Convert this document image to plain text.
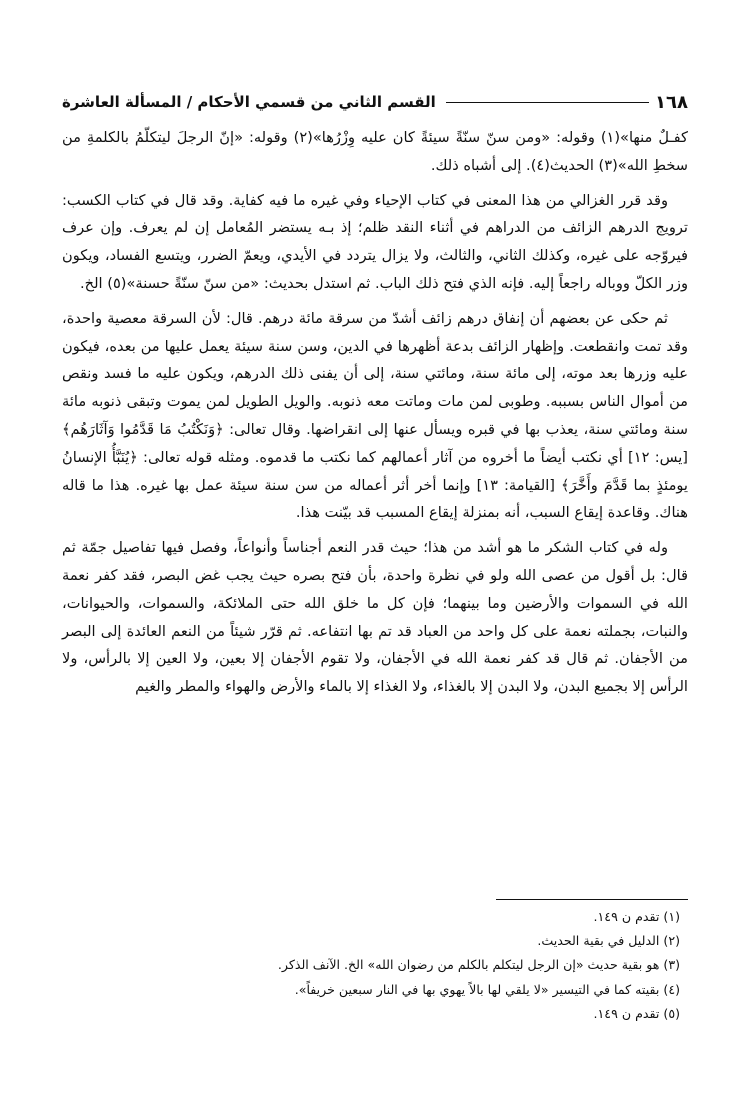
١٦٨
القسم الثاني من قسمي الأحكام / المسألة العاشرة

كفـلٌ منها»(١) وقوله: «ومن سنّ سنّةً سيئةً كان عليه وِزْرُها»(٢) وقوله: «إنّ الرجلَ ليتكلّمُ بالكلمةِ من سخطِ الله»(٣) الحديث(٤). إلى أشباه ذلك.

وقد قرر الغزالي من هذا المعنى في كتاب الإحياء وفي غيره ما فيه كفاية. وقد قال في كتاب الكسب: ترويج الدرهم الزائف من الدراهم في أثناء النقد ظلم؛ إذ بـه يستضر المُعامل إن لم يعرف. وإن عرف فيروّجه على غيره، وكذلك الثاني، والثالث، ولا يزال يتردد في الأيدي، ويعمّ الضرر، ويتسع الفساد، ويكون وزر الكلّ ووباله راجعاً إليه. فإنه الذي فتح ذلك الباب. ثم استدل بحديث: «من سنّ سنّةً حسنة»(٥) الخ.

ثم حكى عن بعضهم أن إنفاق درهم زائف أشدّ من سرقة مائة درهم. قال: لأن السرقة معصية واحدة، وقد تمت وانقطعت. وإظهار الزائف بدعة أظهرها في الدين، وسن سنة سيئة يعمل عليها من بعده، فيكون عليه وزرها بعد موته، إلى مائة سنة، ومائتي سنة، إلى أن يفنى ذلك الدرهم، ويكون عليه ما فسد ونقص من أموال الناس بسببه. وطوبى لمن مات وماتت معه ذنوبه. والويل الطويل لمن يموت وتبقى ذنوبه مائة سنة ومائتي سنة، يعذب بها في قبره ويسأل عنها إلى انقراضها. وقال تعالى: ﴿وَنَكْتُبُ مَا قَدَّمُوا وَآثَارَهُم﴾ [يس: ١٢] أي نكتب أيضاً ما أخروه من آثار أعمالهم كما نكتب ما قدموه. ومثله قوله تعالى: ﴿يُنَبَّأُ الإنسانُ يومئذٍ بما قَدَّمَ وأَخَّرَ﴾ [القيامة: ١٣] وإنما أخر أثر أعماله من سن سنة سيئة عمل بها غيره. هذا ما قاله هناك. وقاعدة إيقاع السبب، أنه بمنزلة إيقاع المسبب قد بيّنت هذا.

وله في كتاب الشكر ما هو أشد من هذا؛ حيث قدر النعم أجناساً وأنواعاً، وفصل فيها تفاصيل جمّة ثم قال: بل أقول من عصى الله ولو في نظرة واحدة، بأن فتح بصره حيث يجب غض البصر، فقد كفر نعمة الله في السموات والأرضين وما بينهما؛ فإن كل ما خلق الله حتى الملائكة، والسموات، والحيوانات، والنبات، بجملته نعمة على كل واحد من العباد قد تم بها انتفاعه. ثم قرّر شيئاً من النعم العائدة إلى البصر من الأجفان. ثم قال قد كفر نعمة الله في الأجفان، ولا تقوم الأجفان إلا بعين، ولا العين إلا بالرأس، ولا الرأس إلا بجميع البدن، ولا البدن إلا بالغذاء، ولا الغذاء إلا بالماء والأرض والهواء والمطر والغيم

(١) تقدم ن ١٤٩.
(٢) الدليل في بقية الحديث.
(٣) هو بقية حديث «إن الرجل ليتكلم بالكلم من رضوان الله» الخ. الآنف الذكر.
(٤) بقيته كما في التيسير «لا يلقي لها بالاً يهوي بها في النار سبعين خريفاً».
(٥) تقدم ن ١٤٩.
